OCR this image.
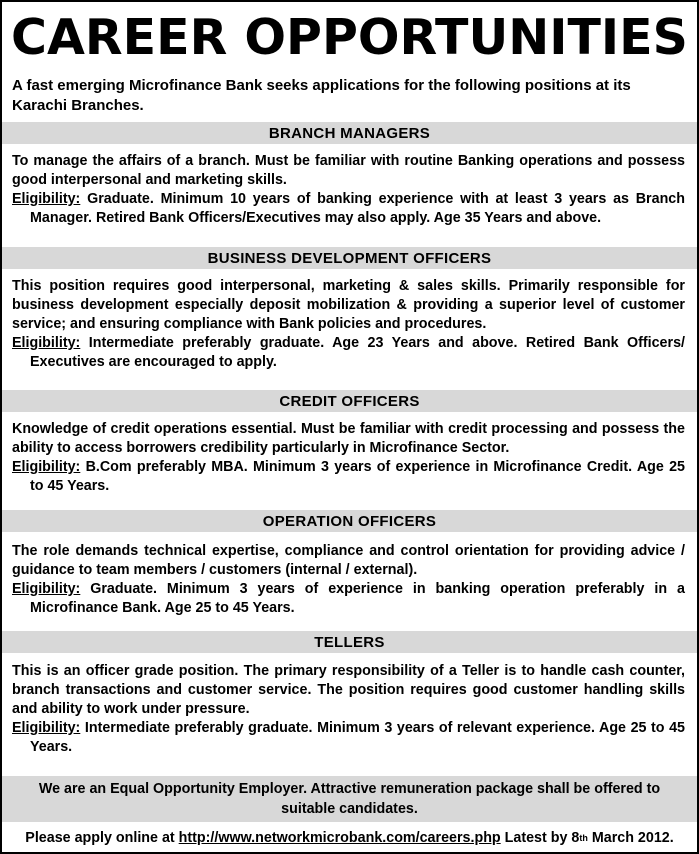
CAREER OPPORTUNITIES
A fast emerging Microfinance Bank seeks applications for the following positions at its Karachi Branches.
BRANCH MANAGERS

To manage the affairs of a branch. Must be familiar with routine Banking operations and possess good interpersonal and marketing skills.

Eligibility: Graduate. Minimum 10 years of banking experience with at least 3 years as Branch Manager. Retired Bank Officers/Executives may also apply. Age 35 Years and above.

BUSINESS DEVELOPMENT OFFICERS

This position requires good interpersonal, marketing & sales skills. Primarily responsible for business development especially deposit mobilization & providing a superior level of customer service; and ensuring compliance with Bank policies and procedures.

Eligibility: Intermediate preferably graduate. Age 23 Years and above. Retired Bank Officers/ Executives are encouraged to apply.

CREDIT OFFICERS

Knowledge of credit operations essential. Must be familiar with credit processing and possess the ability to access borrowers credibility particularly in Microfinance Sector.

Eligibility: B.Com preferably MBA. Minimum 3 years of experience in Microfinance Credit. Age 25 to 45 Years.

OPERATION OFFICERS

The role demands technical expertise, compliance and control orientation for providing advice / guidance to team members / customers (internal / external).

Eligibility: Graduate. Minimum 3 years of experience in banking operation preferably in a Microfinance Bank. Age 25 to 45 Years.

TELLERS

This is an officer grade position. The primary responsibility of a Teller is to handle cash counter, branch transactions and customer service. The position requires good customer handling skills and ability to work under pressure.

Eligibility: Intermediate preferably graduate. Minimum 3 years of relevant experience. Age 25 to 45 Years.

We are an Equal Opportunity Employer. Attractive remuneration package shall be offered to suitable candidates.
Please apply online at
http://www.networkmicrobank.com/careers.php
Latest by 8 th
March 2012.
